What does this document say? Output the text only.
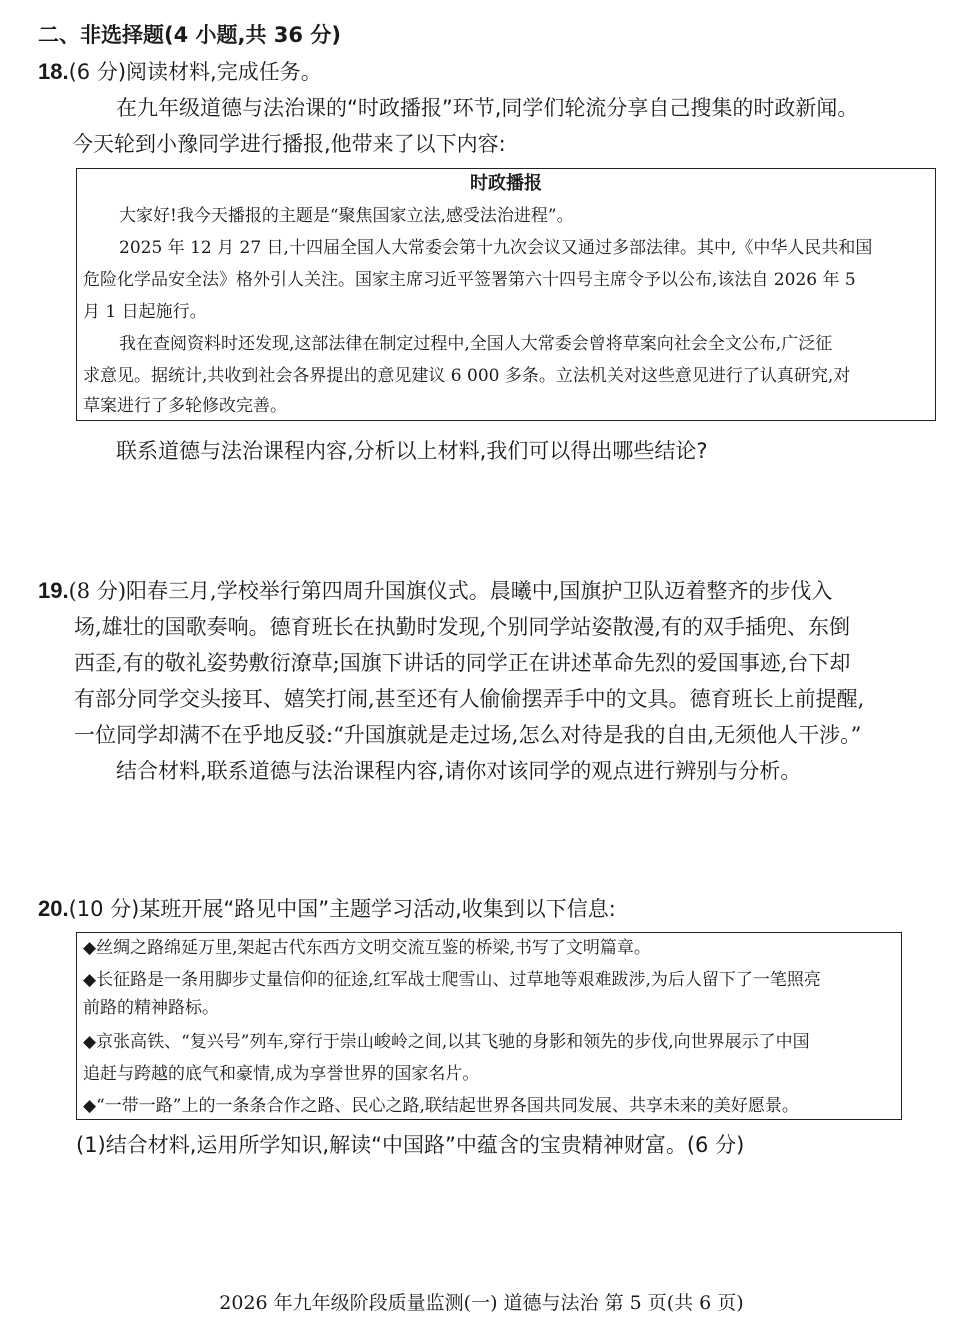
二、非选择题(4 小题,共 36 分)
18.(6 分)阅读材料,完成任务。
在九年级道德与法治课的“时政播报”环节,同学们轮流分享自己搜集的时政新闻。
今天轮到小豫同学进行播报,他带来了以下内容:
时政播报
大家好!我今天播报的主题是“聚焦国家立法,感受法治进程”。
2025 年 12 月 27 日,十四届全国人大常委会第十九次会议又通过多部法律。其中,《中华人民共和国
危险化学品安全法》格外引人关注。国家主席习近平签署第六十四号主席令予以公布,该法自 2026 年 5
月 1 日起施行。
我在查阅资料时还发现,这部法律在制定过程中,全国人大常委会曾将草案向社会全文公布,广泛征
求意见。据统计,共收到社会各界提出的意见建议 6 000 多条。立法机关对这些意见进行了认真研究,对
草案进行了多轮修改完善。
联系道德与法治课程内容,分析以上材料,我们可以得出哪些结论?
19.(8 分)阳春三月,学校举行第四周升国旗仪式。晨曦中,国旗护卫队迈着整齐的步伐入
场,雄壮的国歌奏响。德育班长在执勤时发现,个别同学站姿散漫,有的双手插兜、东倒
西歪,有的敬礼姿势敷衍潦草;国旗下讲话的同学正在讲述革命先烈的爱国事迹,台下却
有部分同学交头接耳、嬉笑打闹,甚至还有人偷偷摆弄手中的文具。德育班长上前提醒,
一位同学却满不在乎地反驳:“升国旗就是走过场,怎么对待是我的自由,无须他人干涉。”
结合材料,联系道德与法治课程内容,请你对该同学的观点进行辨别与分析。
20.(10 分)某班开展“路见中国”主题学习活动,收集到以下信息:
◆丝绸之路绵延万里,架起古代东西方文明交流互鉴的桥梁,书写了文明篇章。
◆长征路是一条用脚步丈量信仰的征途,红军战士爬雪山、过草地等艰难跋涉,为后人留下了一笔照亮
前路的精神路标。
◆京张高铁、“复兴号”列车,穿行于崇山峻岭之间,以其飞驰的身影和领先的步伐,向世界展示了中国
追赶与跨越的底气和豪情,成为享誉世界的国家名片。
◆“一带一路”上的一条条合作之路、民心之路,联结起世界各国共同发展、共享未来的美好愿景。
(1)结合材料,运用所学知识,解读“中国路”中蕴含的宝贵精神财富。(6 分)
2026 年九年级阶段质量监测(一) 道德与法治 第 5 页(共 6 页)
